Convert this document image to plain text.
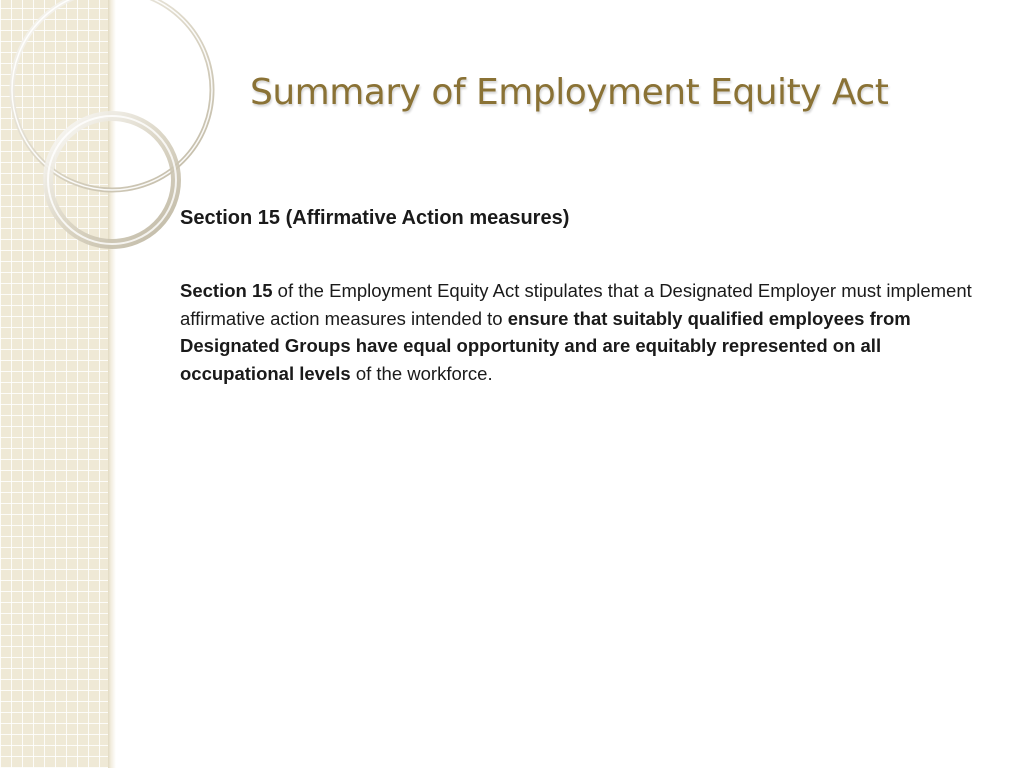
Summary of Employment Equity Act

Section 15 (Affirmative Action measures)

Section 15 of the Employment Equity Act stipulates that a Designated Employer must implement affirmative action measures intended to ensure that suitably qualified employees from Designated Groups have equal opportunity and are equitably represented on all occupational levels of the workforce.
